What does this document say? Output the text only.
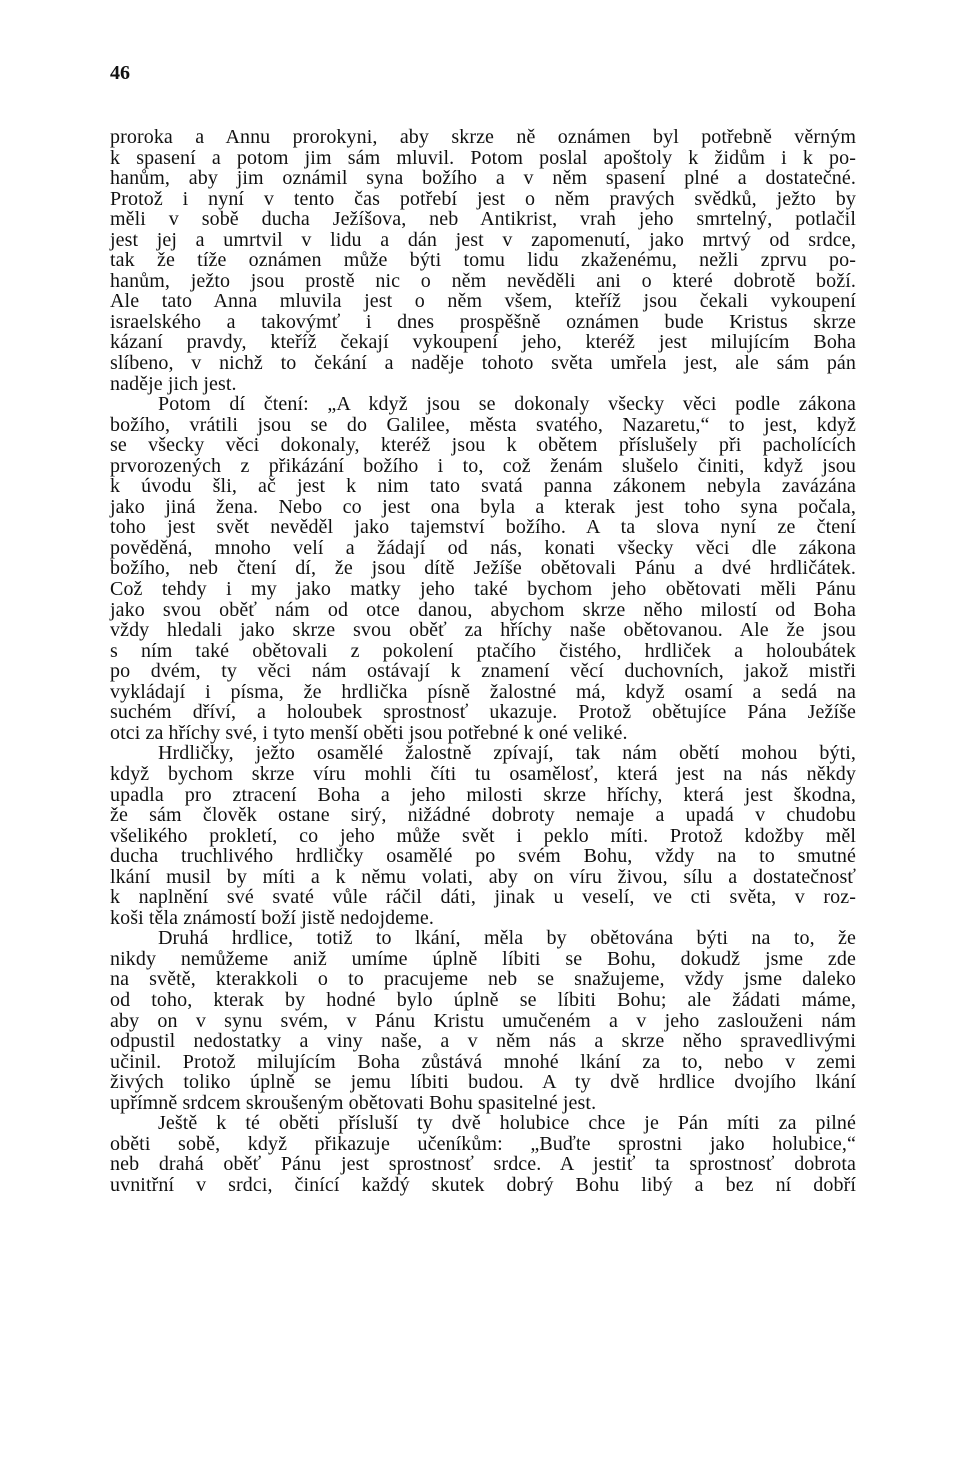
46
proroka a Annu prorokyni, aby skrze ně oznámen byl potřebně věrným
k spasení a potom jim sám mluvil. Potom poslal apoštoly k židům i k po-
hanům, aby jim oznámil syna božího a v něm spasení plné a dostatečné.
Protož i nyní v tento čas potřebí jest o něm pravých svědků, ježto by
měli v sobě ducha Ježíšova, neb Antikrist, vrah jeho smrtelný, potlačil
jest jej a umrtvil v lidu a dán jest v zapomenutí, jako mrtvý od srdce,
tak že tíže oznámen může býti tomu lidu zkaženému, nežli zprvu po-
hanům, ježto jsou prostě nic o něm nevěděli ani o které dobrotě boží.
Ale tato Anna mluvila jest o něm všem, kteříž jsou čekali vykoupení
israelského a takovýmť i dnes prospěšně oznámen bude Kristus skrze
kázaní pravdy, kteříž čekají vykoupení jeho, kteréž jest milujícím Boha
slíbeno, v nichž to čekání a naděje tohoto světa umřela jest, ale sám pán
naděje jich jest.
Potom dí čtení: „A když jsou se dokonaly všecky věci podle zákona
božího, vrátili jsou se do Galilee, města svatého, Nazaretu,“ to jest, když
se všecky věci dokonaly, kteréž jsou k obětem příslušely při pacholících
prvorozených z přikázání božího i to, což ženám slušelo činiti, když jsou
k úvodu šli, ač jest k nim tato svatá panna zákonem nebyla zavázána
jako jiná žena. Nebo co jest ona byla a kterak jest toho syna počala,
toho jest svět nevěděl jako tajemství božího. A ta slova nyní ze čtení
pověděná, mnoho velí a žádají od nás, konati všecky věci dle zákona
božího, neb čtení dí, že jsou dítě Ježíše obětovali Pánu a dvé hrdličátek.
Což tehdy i my jako matky jeho také bychom jeho obětovati měli Pánu
jako svou oběť nám od otce danou, abychom skrze něho milostí od Boha
vždy hledali jako skrze svou oběť za hříchy naše obětovanou. Ale že jsou
s ním také obětovali z pokolení ptačího čistého, hrdliček a holoubátek
po dvém, ty věci nám ostávají k znamení věcí duchovních, jakož mistři
vykládají i písma, že hrdlička písně žalostné má, když osamí a sedá na
suchém dříví, a holoubek sprostnosť ukazuje. Protož obětujíce Pána Ježíše
otci za hříchy své, i tyto menší oběti jsou potřebné k oné veliké.
Hrdličky, ježto osamělé žalostně zpívají, tak nám obětí mohou býti,
když bychom skrze víru mohli číti tu osamělosť, která jest na nás někdy
upadla pro ztracení Boha a jeho milosti skrze hříchy, která jest škodna,
že sám člověk ostane sirý, nižádné dobroty nemaje a upadá v chudobu
všelikého prokletí, co jeho může svět i peklo míti. Protož kdožby měl
ducha truchlivého hrdličky osamělé po svém Bohu, vždy na to smutné
lkání musil by míti a k němu volati, aby on víru živou, sílu a dostatečnosť
k naplnění své svaté vůle ráčil dáti, jinak u veselí, ve cti světa, v roz-
koši těla známostí boží jistě nedojdeme.
Druhá hrdlice, totiž to lkání, měla by obětována býti na to, že
nikdy nemůžeme aniž umíme úplně líbiti se Bohu, dokudž jsme zde
na světě, kterakkoli o to pracujeme neb se snažujeme, vždy jsme daleko
od toho, kterak by hodné bylo úplně se líbiti Bohu; ale žádati máme,
aby on v synu svém, v Pánu Kristu umučeném a v jeho zaslouženi nám
odpustil nedostatky a viny naše, a v něm nás a skrze něho spravedlivými
učinil. Protož milujícím Boha zůstává mnohé lkání za to, nebo v zemi
živých toliko úplně se jemu líbiti budou. A ty dvě hrdlice dvojího lkání
upřímně srdcem skroušeným obětovati Bohu spasitelné jest.
Ještě k té oběti přísluší ty dvě holubice chce je Pán míti za pilné
oběti sobě, když přikazuje učeníkům: „Buďte sprostni jako holubice,“
neb drahá oběť Pánu jest sprostnosť srdce. A jestiť ta sprostnosť dobrota
uvnitřní v srdci, činící každý skutek dobrý Bohu libý a bez ní dobří
